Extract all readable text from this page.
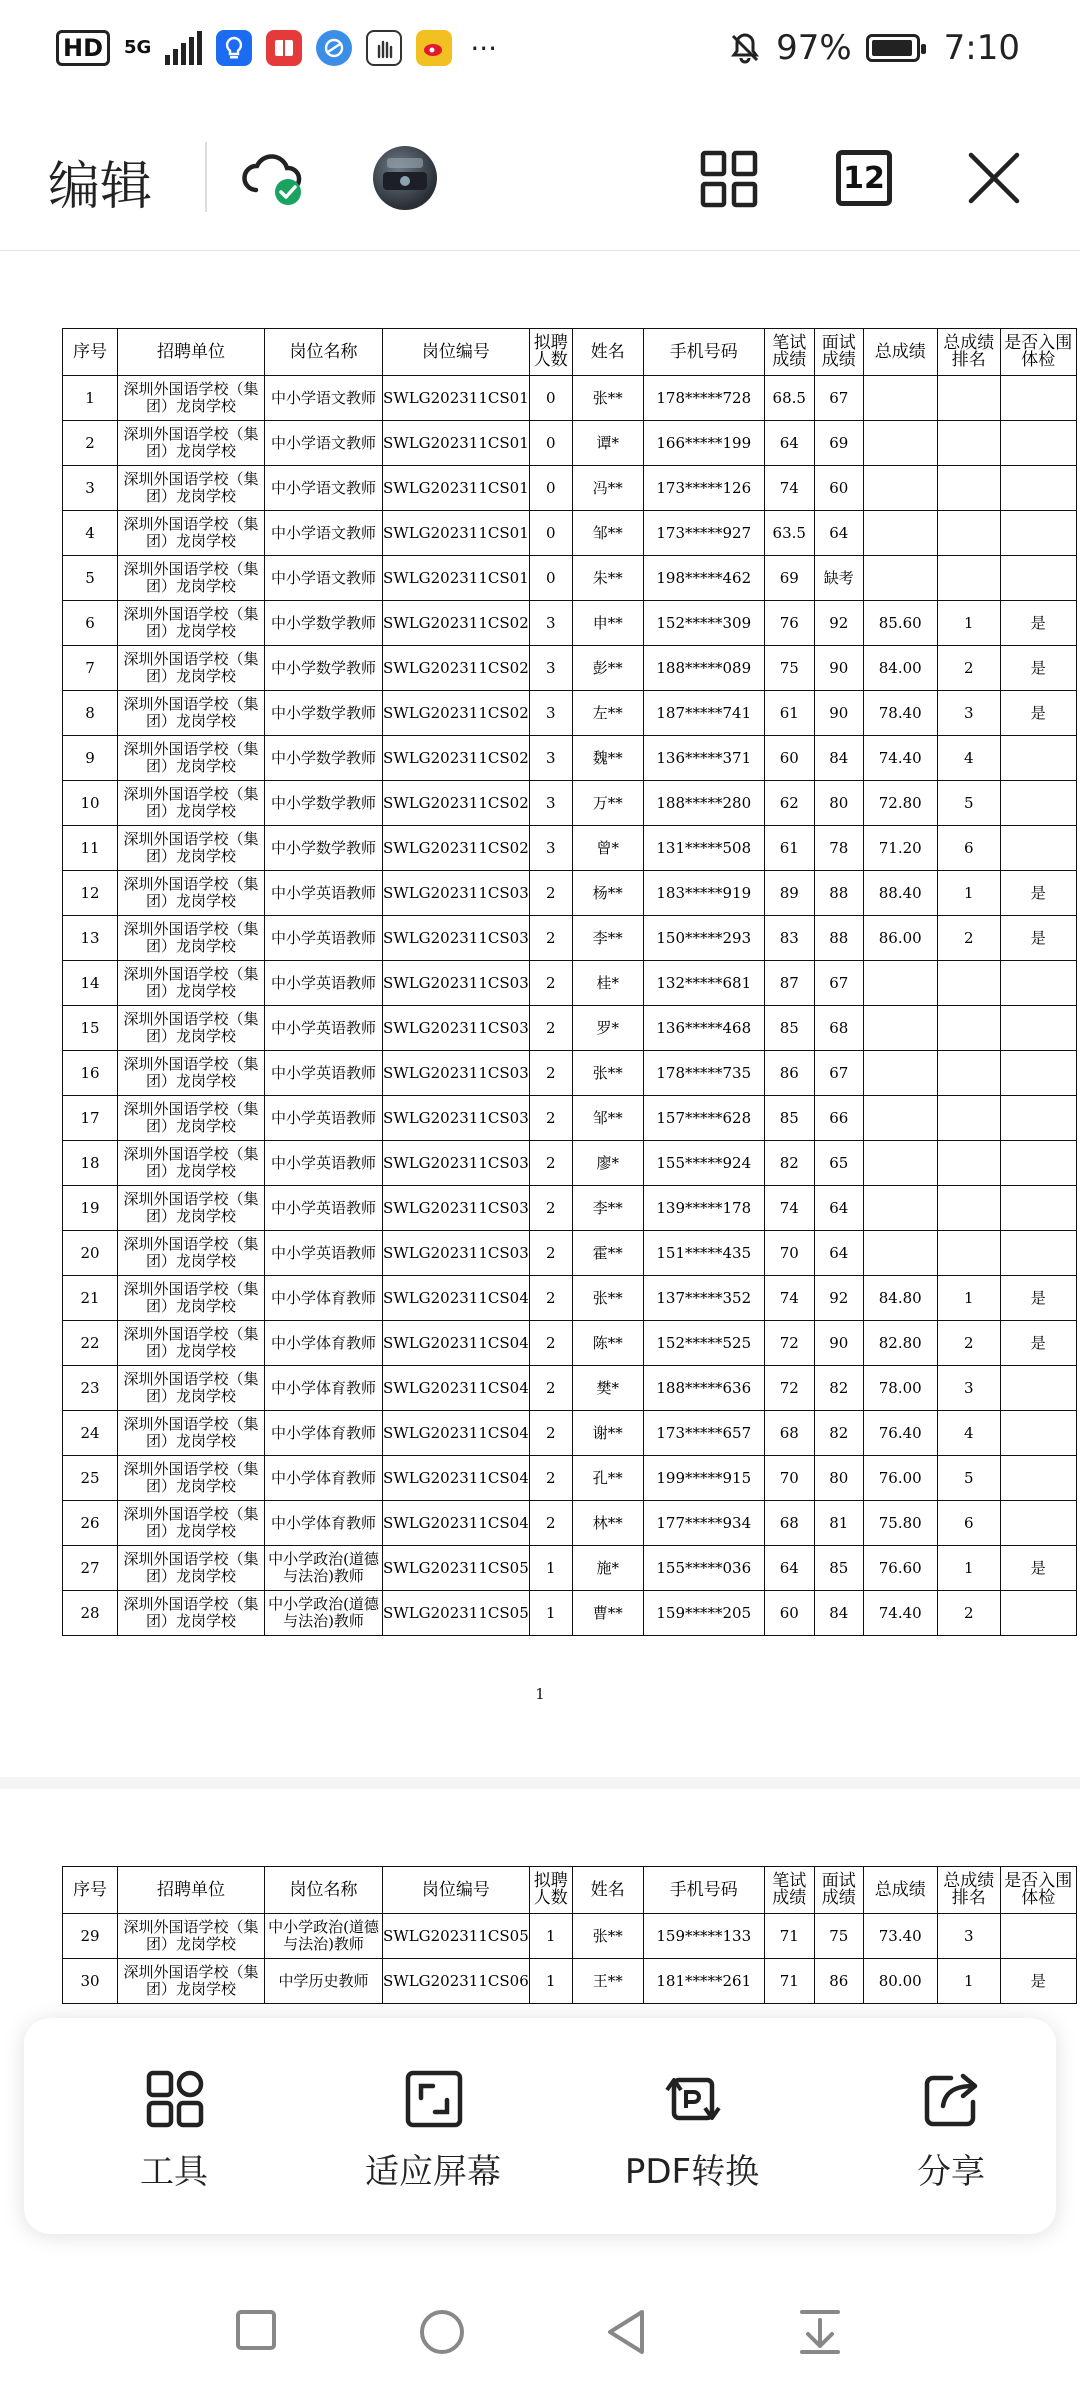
HD	5G	···	97%	7:10
编辑	12
序号	招聘单位	岗位名称	岗位编号	拟聘人数	姓名	手机号码	笔试成绩	面试成绩	总成绩	总成绩排名	是否入围体检
1	深圳外国语学校（集团）龙岗学校	中小学语文教师	SWLG202311CS01	0	张**	178*****728	68.5	67			
2	深圳外国语学校（集团）龙岗学校	中小学语文教师	SWLG202311CS01	0	谭*	166*****199	64	69			
3	深圳外国语学校（集团）龙岗学校	中小学语文教师	SWLG202311CS01	0	冯**	173*****126	74	60			
4	深圳外国语学校（集团）龙岗学校	中小学语文教师	SWLG202311CS01	0	邹**	173*****927	63.5	64			
5	深圳外国语学校（集团）龙岗学校	中小学语文教师	SWLG202311CS01	0	朱**	198*****462	69	缺考			
6	深圳外国语学校（集团）龙岗学校	中小学数学教师	SWLG202311CS02	3	申**	152*****309	76	92	85.60	1	是
7	深圳外国语学校（集团）龙岗学校	中小学数学教师	SWLG202311CS02	3	彭**	188*****089	75	90	84.00	2	是
8	深圳外国语学校（集团）龙岗学校	中小学数学教师	SWLG202311CS02	3	左**	187*****741	61	90	78.40	3	是
9	深圳外国语学校（集团）龙岗学校	中小学数学教师	SWLG202311CS02	3	魏**	136*****371	60	84	74.40	4	
10	深圳外国语学校（集团）龙岗学校	中小学数学教师	SWLG202311CS02	3	万**	188*****280	62	80	72.80	5	
11	深圳外国语学校（集团）龙岗学校	中小学数学教师	SWLG202311CS02	3	曾*	131*****508	61	78	71.20	6	
12	深圳外国语学校（集团）龙岗学校	中小学英语教师	SWLG202311CS03	2	杨**	183*****919	89	88	88.40	1	是
13	深圳外国语学校（集团）龙岗学校	中小学英语教师	SWLG202311CS03	2	李**	150*****293	83	88	86.00	2	是
14	深圳外国语学校（集团）龙岗学校	中小学英语教师	SWLG202311CS03	2	桂*	132*****681	87	67			
15	深圳外国语学校（集团）龙岗学校	中小学英语教师	SWLG202311CS03	2	罗*	136*****468	85	68			
16	深圳外国语学校（集团）龙岗学校	中小学英语教师	SWLG202311CS03	2	张**	178*****735	86	67			
17	深圳外国语学校（集团）龙岗学校	中小学英语教师	SWLG202311CS03	2	邹**	157*****628	85	66			
18	深圳外国语学校（集团）龙岗学校	中小学英语教师	SWLG202311CS03	2	廖*	155*****924	82	65			
19	深圳外国语学校（集团）龙岗学校	中小学英语教师	SWLG202311CS03	2	李**	139*****178	74	64			
20	深圳外国语学校（集团）龙岗学校	中小学英语教师	SWLG202311CS03	2	霍**	151*****435	70	64			
21	深圳外国语学校（集团）龙岗学校	中小学体育教师	SWLG202311CS04	2	张**	137*****352	74	92	84.80	1	是
22	深圳外国语学校（集团）龙岗学校	中小学体育教师	SWLG202311CS04	2	陈**	152*****525	72	90	82.80	2	是
23	深圳外国语学校（集团）龙岗学校	中小学体育教师	SWLG202311CS04	2	樊*	188*****636	72	82	78.00	3	
24	深圳外国语学校（集团）龙岗学校	中小学体育教师	SWLG202311CS04	2	谢**	173*****657	68	82	76.40	4	
25	深圳外国语学校（集团）龙岗学校	中小学体育教师	SWLG202311CS04	2	孔**	199*****915	70	80	76.00	5	
26	深圳外国语学校（集团）龙岗学校	中小学体育教师	SWLG202311CS04	2	林**	177*****934	68	81	75.80	6	
27	深圳外国语学校（集团）龙岗学校	中小学政治(道德与法治)教师	SWLG202311CS05	1	施*	155*****036	64	85	76.60	1	是
28	深圳外国语学校（集团）龙岗学校	中小学政治(道德与法治)教师	SWLG202311CS05	1	曹**	159*****205	60	84	74.40	2	
1
序号	招聘单位	岗位名称	岗位编号	拟聘人数	姓名	手机号码	笔试成绩	面试成绩	总成绩	总成绩排名	是否入围体检
29	深圳外国语学校（集团）龙岗学校	中小学政治(道德与法治)教师	SWLG202311CS05	1	张**	159*****133	71	75	73.40	3	
30	深圳外国语学校（集团）龙岗学校	中学历史教师	SWLG202311CS06	1	王**	181*****261	71	86	80.00	1	是
工具	适应屏幕	PDF转换	分享
